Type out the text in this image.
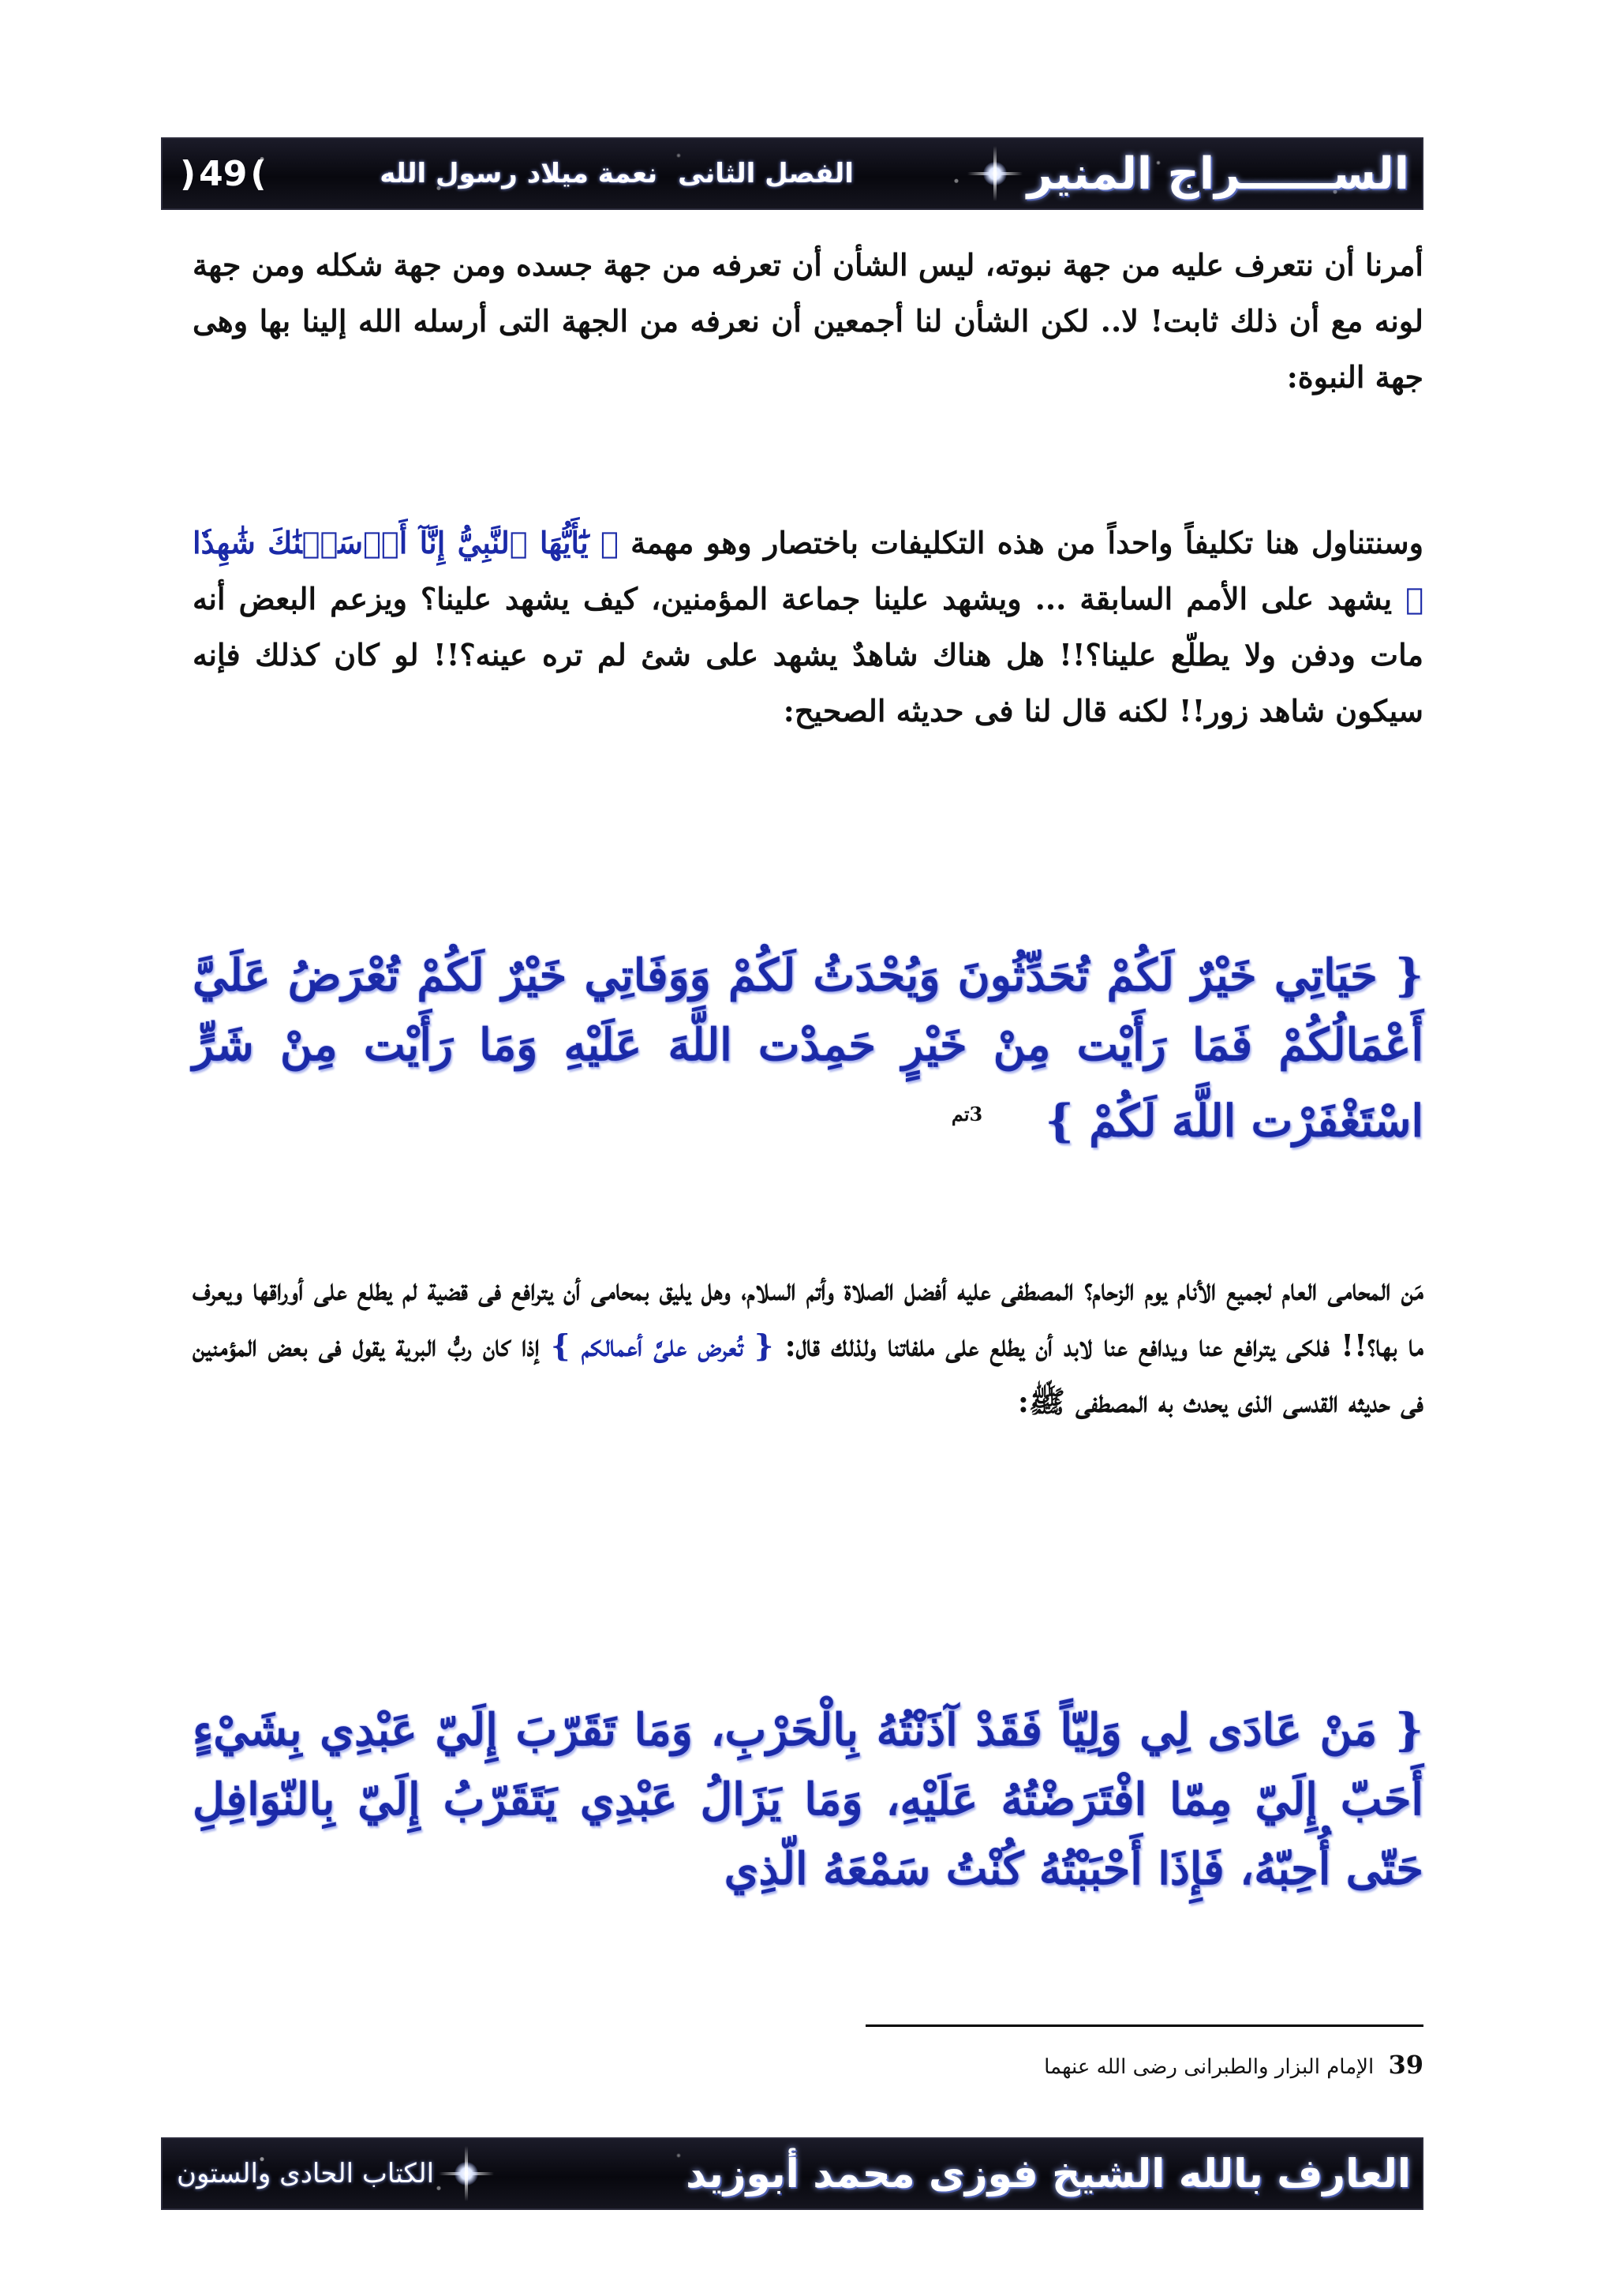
الســــــراج المنير
الفصل الثانى
نعمة ميلاد رسول الله
)
49
(

أمرنا أن نتعرف عليه من جهة نبوته، ليس الشأن أن تعرفه من جهة جسده ومن جهة شكله ومن جهة لونه مع أن ذلك ثابت! لا.. لكن الشأن لنا أجمعين أن نعرفه من الجهة التى أرسله الله إلينا بها وهى جهة النبوة:

وسنتناول هنا تكليفاً واحداً من هذه التكليفات باختصار وهو مهمة ﴿ يَٰٓأَيُّهَا ٱلنَّبِيُّ إِنَّآ أَرۡسَلۡنَٰكَ شَٰهِدٗا ﴾ يشهد على الأمم السابقة ... ويشهد علينا جماعة المؤمنين، كيف يشهد علينا؟ ويزعم البعض أنه مات ودفن ولا يطلّع علينا؟!! هل هناك شاهدٌ يشهد على شئ لم تره عينه؟!! لو كان كذلك فإنه سيكون شاهد زور!! لكنه قال لنا فى حديثه الصحيح:

{ حَيَاتِي خَيْرٌ لَكُمْ تُحَدِّثُونَ وَيُحْدَثُ لَكُمْ وَوَفَاتِي خَيْرٌ لَكُمْ تُعْرَضُ عَلَيَّ أَعْمَالُكُمْ فَمَا رَأَيْت مِنْ خَيْرٍ حَمِدْت اللَّهَ عَلَيْهِ وَمَا رَأَيْت مِنْ شَرٍّ اسْتَغْفَرْت اللَّهَ لَكُمْ } $^{3تم}$

مَن المحامى العام لجميع الأنام يوم الزحام؟ المصطفى عليه أفضل الصلاة وأتم السلام، وهل يليق بمحامى أن يترافع فى قضية لم يطلع على أوراقها ويعرف ما بها؟!! فلكى يترافع عنا ويدافع عنا لابد أن يطلع على ملفاتنا ولذلك قال: { تُعرض علىَّ أعمالكم } إذا كان ربُّ البرية يقول فى بعض المؤمنين فى حديثه القدسى الذى يحدث به المصطفى ﷺ:

{ مَنْ عَادَى لِي وَلِيّاً فَقَدْ آذَنْتُهُ بِالْحَرْبِ، وَمَا تَقَرّبَ إِلَيّ عَبْدِي بِشَيْءٍ أَحَبّ إِلَيّ مِمّا افْتَرَضْتُهُ عَلَيْهِ، وَمَا يَزَالُ عَبْدِي يَتَقَرّبُ إِلَيّ بِالنّوَافِلِ حَتّى أُحِبّهُ، فَإِذَا أَحْبَبْتُهُ كُنْتُ سَمْعَهُ الّذِي

39 الإمام البزار والطبرانى رضى الله عنهما
العارف بالله الشيخ فوزى محمد أبوزيد
الكتاب الحادى والستون
